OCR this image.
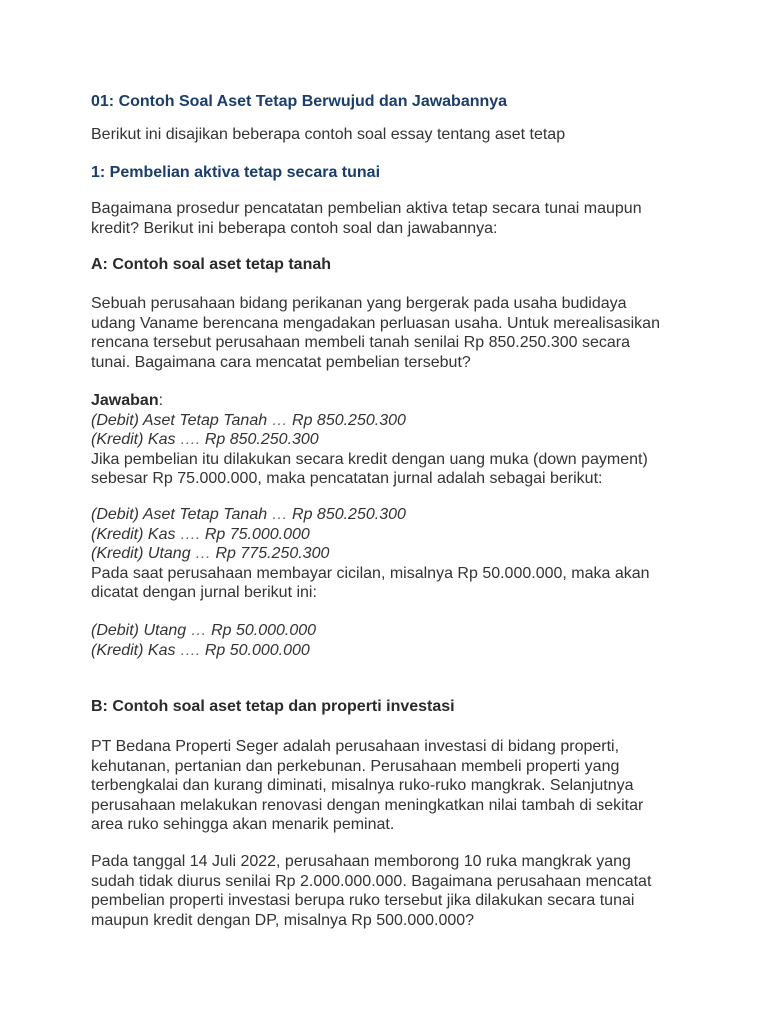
01: Contoh Soal Aset Tetap Berwujud dan Jawabannya

Berikut ini disajikan beberapa contoh soal essay tentang aset tetap

1: Pembelian aktiva tetap secara tunai

Bagaimana prosedur pencatatan pembelian aktiva tetap secara tunai maupun
kredit? Berikut ini beberapa contoh soal dan jawabannya:

A: Contoh soal aset tetap tanah

Sebuah perusahaan bidang perikanan yang bergerak pada usaha budidaya
udang Vaname berencana mengadakan perluasan usaha. Untuk merealisasikan
rencana tersebut perusahaan membeli tanah senilai Rp 850.250.300 secara
tunai. Bagaimana cara mencatat pembelian tersebut?

Jawaban:
(Debit) Aset Tetap Tanah … Rp 850.250.300
(Kredit) Kas …. Rp 850.250.300
Jika pembelian itu dilakukan secara kredit dengan uang muka (down payment)
sebesar Rp 75.000.000, maka pencatatan jurnal adalah sebagai berikut:

(Debit) Aset Tetap Tanah … Rp 850.250.300
(Kredit) Kas …. Rp 75.000.000
(Kredit) Utang … Rp 775.250.300
Pada saat perusahaan membayar cicilan, misalnya Rp 50.000.000, maka akan
dicatat dengan jurnal berikut ini:

(Debit) Utang … Rp 50.000.000
(Kredit) Kas …. Rp 50.000.000

B: Contoh soal aset tetap dan properti investasi

PT Bedana Properti Seger adalah perusahaan investasi di bidang properti,
kehutanan, pertanian dan perkebunan. Perusahaan membeli properti yang
terbengkalai dan kurang diminati, misalnya ruko-ruko mangkrak. Selanjutnya
perusahaan melakukan renovasi dengan meningkatkan nilai tambah di sekitar
area ruko sehingga akan menarik peminat.

Pada tanggal 14 Juli 2022, perusahaan memborong 10 ruka mangkrak yang
sudah tidak diurus senilai Rp 2.000.000.000. Bagaimana perusahaan mencatat
pembelian properti investasi berupa ruko tersebut jika dilakukan secara tunai
maupun kredit dengan DP, misalnya Rp 500.000.000?
